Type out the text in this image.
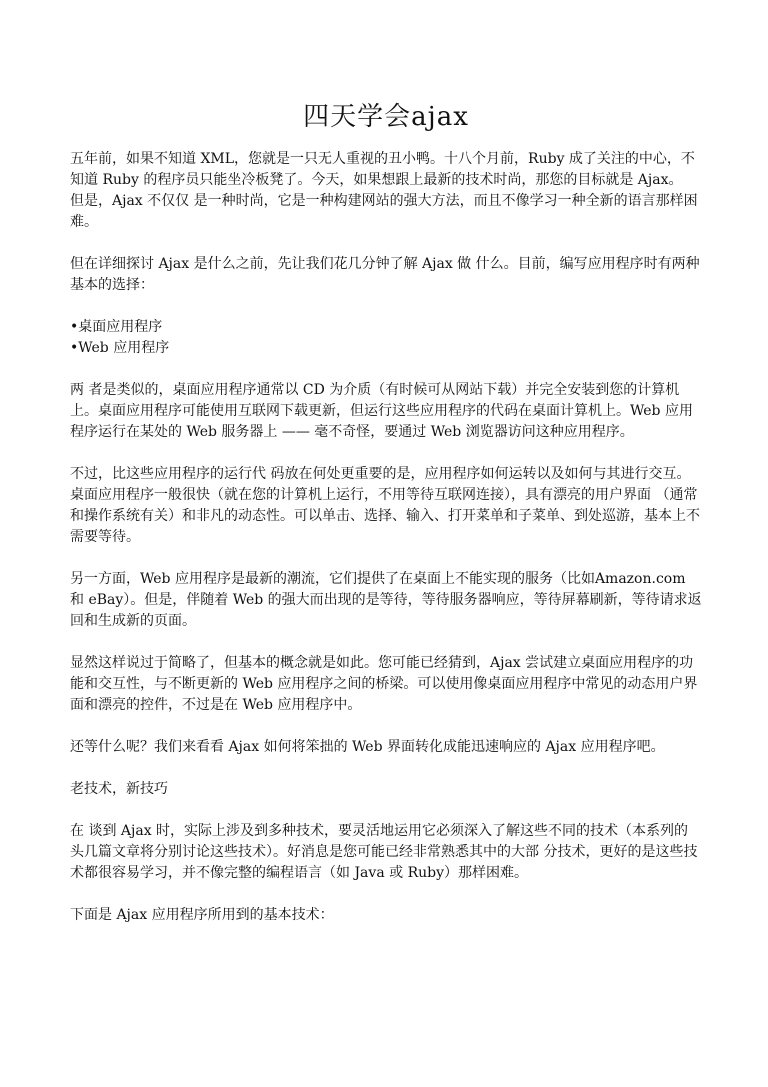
四天学会ajax

五年前，如果不知道 XML，您就是一只无人重视的丑小鸭。十八个月前，Ruby 成了关注的中心，不知道 Ruby 的程序员只能坐冷板凳了。今天，如果想跟上最新的技术时尚，那您的目标就是 Ajax。

但是，Ajax 不仅仅 是一种时尚，它是一种构建网站的强大方法，而且不像学习一种全新的语言那样困难。

但在详细探讨 Ajax 是什么之前，先让我们花几分钟了解 Ajax 做 什么。目前，编写应用程序时有两种基本的选择：

•桌面应用程序
•Web 应用程序

两 者是类似的，桌面应用程序通常以 CD 为介质（有时候可从网站下载）并完全安装到您的计算机上。桌面应用程序可能使用互联网下载更新，但运行这些应用程序的代码在桌面计算机上。Web 应用程序运行在某处的 Web 服务器上 —— 毫不奇怪，要通过 Web 浏览器访问这种应用程序。

不过，比这些应用程序的运行代 码放在何处更重要的是，应用程序如何运转以及如何与其进行交互。桌面应用程序一般很快（就在您的计算机上运行，不用等待互联网连接），具有漂亮的用户界面 （通常和操作系统有关）和非凡的动态性。可以单击、选择、输入、打开菜单和子菜单、到处巡游，基本上不需要等待。

另一方面，Web 应用程序是最新的潮流，它们提供了在桌面上不能实现的服务（比如Amazon.com 和 eBay）。但是，伴随着 Web 的强大而出现的是等待，等待服务器响应，等待屏幕刷新，等待请求返回和生成新的页面。

显然这样说过于简略了，但基本的概念就是如此。您可能已经猜到，Ajax 尝试建立桌面应用程序的功能和交互性，与不断更新的 Web 应用程序之间的桥梁。可以使用像桌面应用程序中常见的动态用户界面和漂亮的控件，不过是在 Web 应用程序中。

还等什么呢？我们来看看 Ajax 如何将笨拙的 Web 界面转化成能迅速响应的 Ajax 应用程序吧。

老技术，新技巧

在 谈到 Ajax 时，实际上涉及到多种技术，要灵活地运用它必须深入了解这些不同的技术（本系列的头几篇文章将分别讨论这些技术）。好消息是您可能已经非常熟悉其中的大部 分技术，更好的是这些技术都很容易学习，并不像完整的编程语言（如 Java 或 Ruby）那样困难。

下面是 Ajax 应用程序所用到的基本技术：
